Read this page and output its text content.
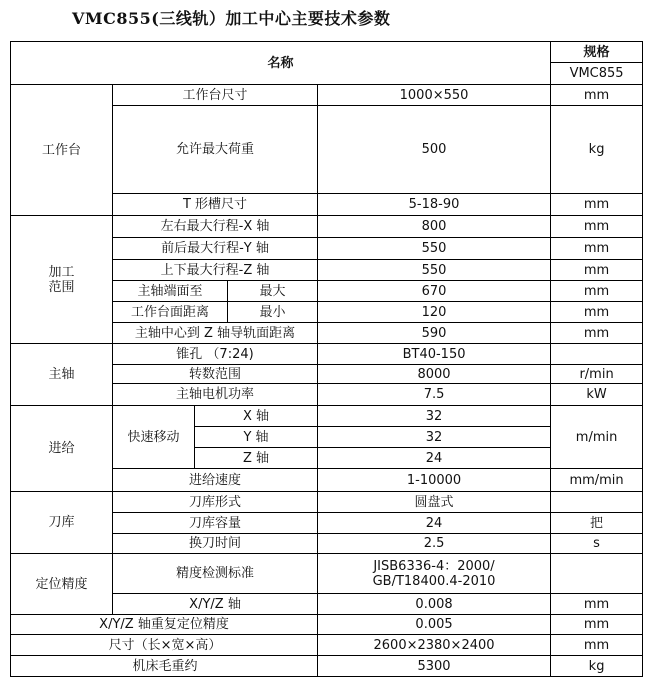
VMC855(三线轨）加工中心主要技术参数
名称					规格	
					VMC855	
工作台	工作台尺寸			1000×550	mm	
	允许最大荷重			500	kg	
	T 形槽尺寸			5-18-90	mm	
加工
范围	左右最大行程-X 轴			800	mm	
	前后最大行程-Y 轴			550	mm	
	上下最大行程-Z 轴			550	mm	
	主轴端面至		最大	670	mm	
	工作台面距离		最小	120	mm	
	主轴中心到 Z 轴导轨面距离			590	mm	
主轴	锥孔 （7:24)			BT40-150		
	转数范围			8000	r/min	
	主轴电机功率			7.5	kW	
进给	快速移动	X 轴		32	m/min	
		Y 轴		32		
		Z 轴		24		
	进给速度			1-10000	mm/min	
刀库	刀库形式			圆盘式		
	刀库容量			24	把	
	换刀时间			2.5	s	
定位精度	精度检测标准			JISB6336-4：2000/
GB/T18400.4-2010		

	X/Y/Z 轴			0.008	mm	
X/Y/Z 轴重复定位精度				0.005	mm	
尺寸（长×宽×高）				2600×2380×2400	mm	
机床毛重约				5300	kg	
